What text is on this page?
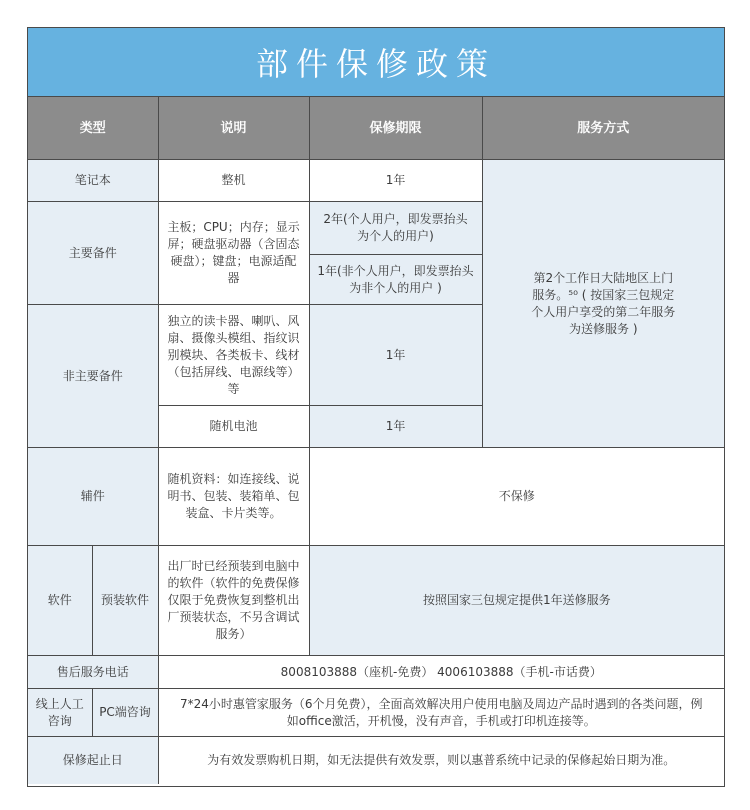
部件保修政策
类型		说明	保修期限	服务方式
笔记本		整机	1年	第2个工作日大陆地区上门服务。⁵⁰ ( 按国家三包规定个人用户享受的第二年服务为送修服务 )
主要备件		主板；CPU；内存；显示屏；硬盘驱动器（含固态硬盘）；键盘；电源适配器	2年(个人用户，即发票抬头为个人的用户)	
			1年(非个人用户，即发票抬头为非个人的用户 )	
非主要备件		独立的读卡器、喇叭、风扇、摄像头模组、指纹识别模块、各类板卡、线材（包括屏线、电源线等）等	1年	
		随机电池	1年	
辅件		随机资料：如连接线、说明书、包装、装箱单、包装盒、卡片类等。	不保修	
软件	预装软件	出厂时已经预装到电脑中的软件（软件的免费保修仅限于免费恢复到整机出厂预装状态，不另含调试服务）	按照国家三包规定提供1年送修服务	
售后服务电话		8008103888（座机-免费） 4006103888（手机-市话费）		
线上人工咨询	PC端咨询	7*24小时惠管家服务（6个月免费），全面高效解决用户使用电脑及周边产品时遇到的各类问题，例如office激活，开机慢，没有声音，手机或打印机连接等。		
保修起止日		为有效发票购机日期，如无法提供有效发票，则以惠普系统中记录的保修起始日期为准。		
